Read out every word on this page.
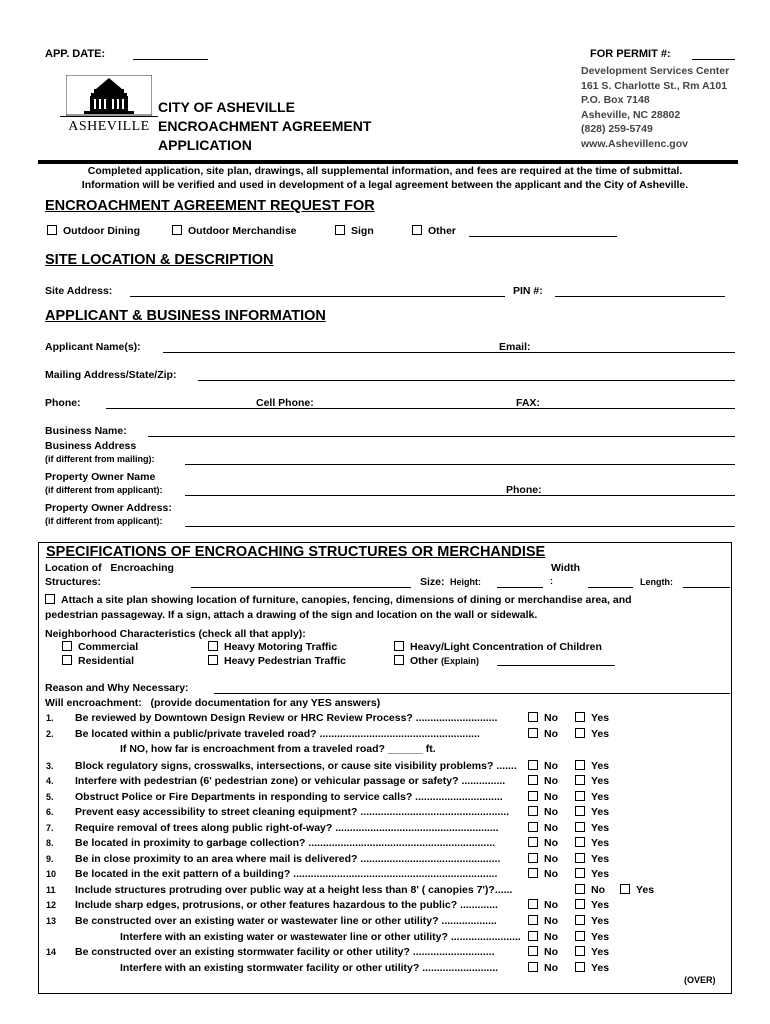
APP. DATE:	FOR PERMIT #:
Development Services Center
161 S. Charlotte St., Rm A101
P.O. Box 7148
Asheville, NC 28802
(828) 259-5749
www.Ashevillenc.gov
ASHEVILLE
CITY OF ASHEVILLE
ENCROACHMENT AGREEMENT
APPLICATION
Completed application, site plan, drawings, all supplemental information, and fees are required at the time of submittal.
Information will be verified and used in development of a legal agreement between the applicant and the City of Asheville.
ENCROACHMENT AGREEMENT REQUEST FOR
Outdoor Dining	Outdoor Merchandise	Sign	Other
SITE LOCATION & DESCRIPTION
Site Address:	PIN #:
APPLICANT & BUSINESS INFORMATION
Applicant Name(s):	Email:
Mailing Address/State/Zip:
Phone:	Cell Phone:	FAX:
Business Name:
Business Address
(if different from mailing):
Property Owner Name
(if different from applicant):	Phone:
Property Owner Address:
(if different from applicant):
SPECIFICATIONS OF ENCROACHING STRUCTURES OR MERCHANDISE
Location of Encroaching	Width
Structures:	Size: Height:	:	Length:
Attach a site plan showing location of furniture, canopies, fencing, dimensions of dining or merchandise area, and
pedestrian passageway. If a sign, attach a drawing of the sign and location on the wall or sidewalk.
Neighborhood Characteristics (check all that apply):
Commercial	Heavy Motoring Traffic	Heavy/Light Concentration of Children
Residential	Heavy Pedestrian Traffic	Other (Explain)
Reason and Why Necessary:
Will encroachment: (provide documentation for any YES answers)
1. Be reviewed by Downtown Design Review or HRC Review Process? ............................	No	Yes
2. Be located within a public/private traveled road? .......................................................	No	Yes
If NO, how far is encroachment from a traveled road? ______ ft.
3. Block regulatory signs, crosswalks, intersections, or cause site visibility problems? .......	No	Yes
4. Interfere with pedestrian (6' pedestrian zone) or vehicular passage or safety? ...............	No	Yes
5. Obstruct Police or Fire Departments in responding to service calls? ..............................	No	Yes
6. Prevent easy accessibility to street cleaning equipment? ...................................................	No	Yes
7. Require removal of trees along public right-of-way? ........................................................	No	Yes
8. Be located in proximity to garbage collection? ................................................................	No	Yes
9. Be in close proximity to an area where mail is delivered? ................................................	No	Yes
10 Be located in the exit pattern of a building? ......................................................................	No	Yes
11 Include structures protruding over public way at a height less than 8' ( canopies 7')?......	No	Yes
12 Include sharp edges, protrusions, or other features hazardous to the public? .............	No	Yes
13 Be constructed over an existing water or wastewater line or other utility? ...................	No	Yes
Interfere with an existing water or wastewater line or other utility? ........................	No	Yes
14 Be constructed over an existing stormwater facility or other utility? ............................	No	Yes
Interfere with an existing stormwater facility or other utility? ..........................	No	Yes
(OVER)
